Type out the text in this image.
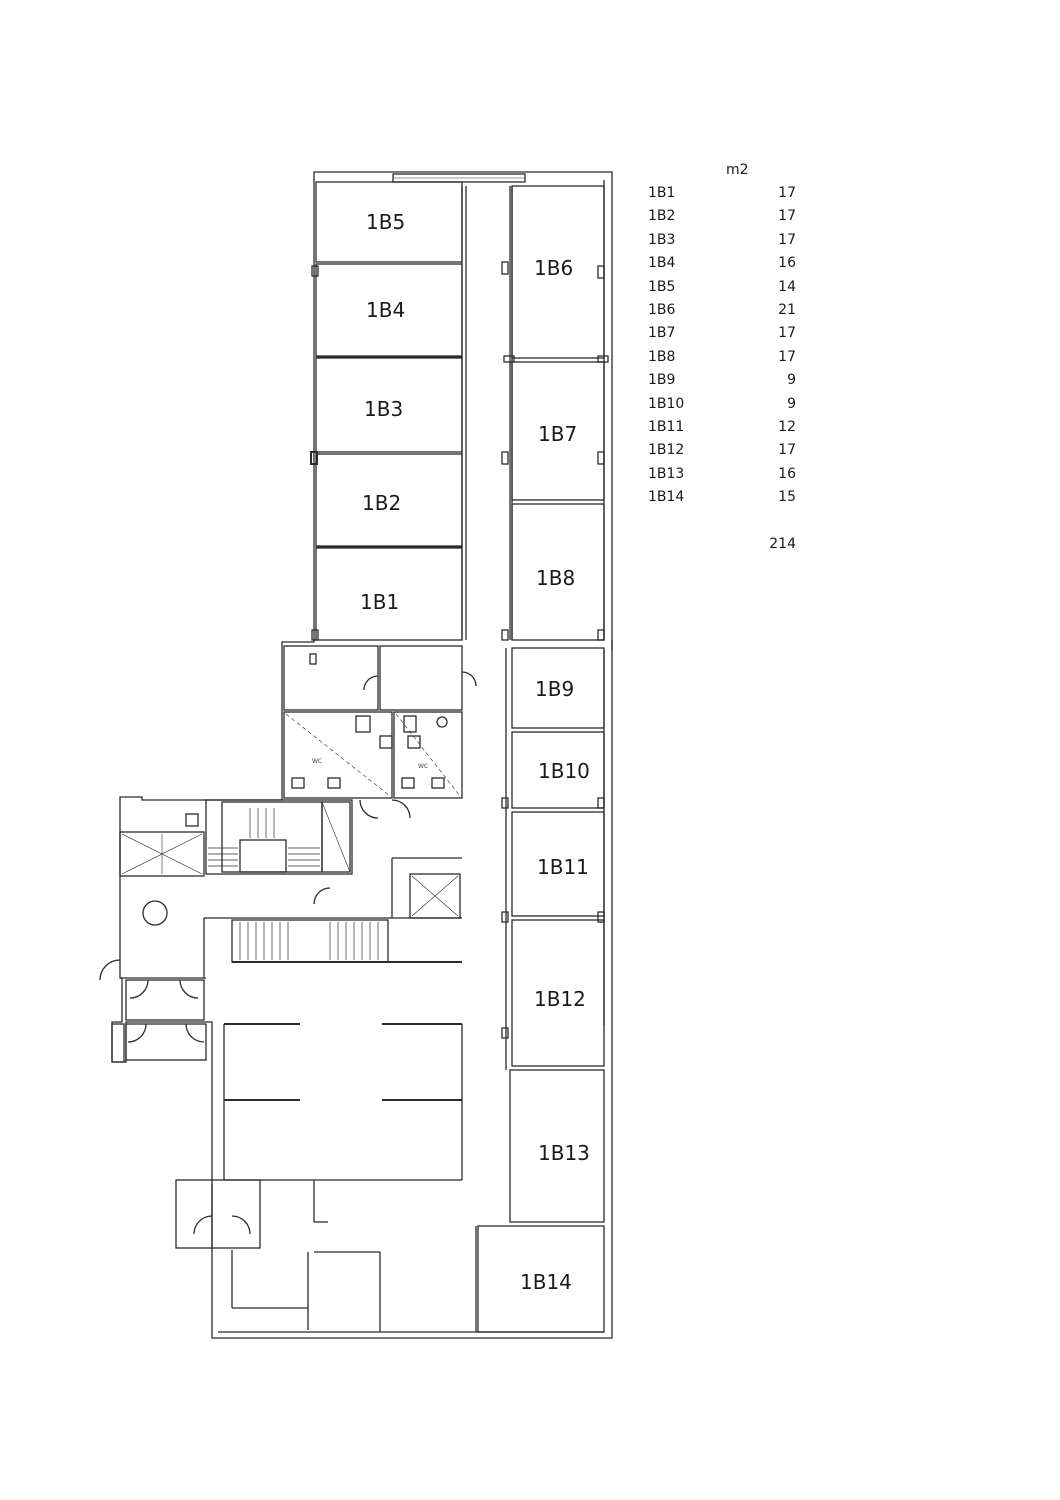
1B1
1B2
1B3
1B4
1B5
1B6
1B7
1B8
1B9
1B10
1B11
1B12
1B13
1B14
WC
WC
m2
1B1	17
1B2	17
1B3	17
1B4	16
1B5	14
1B6	21
1B7	17
1B8	17
1B9	9
1B10	9
1B11	12
1B12	17
1B13	16
1B14	15
214
